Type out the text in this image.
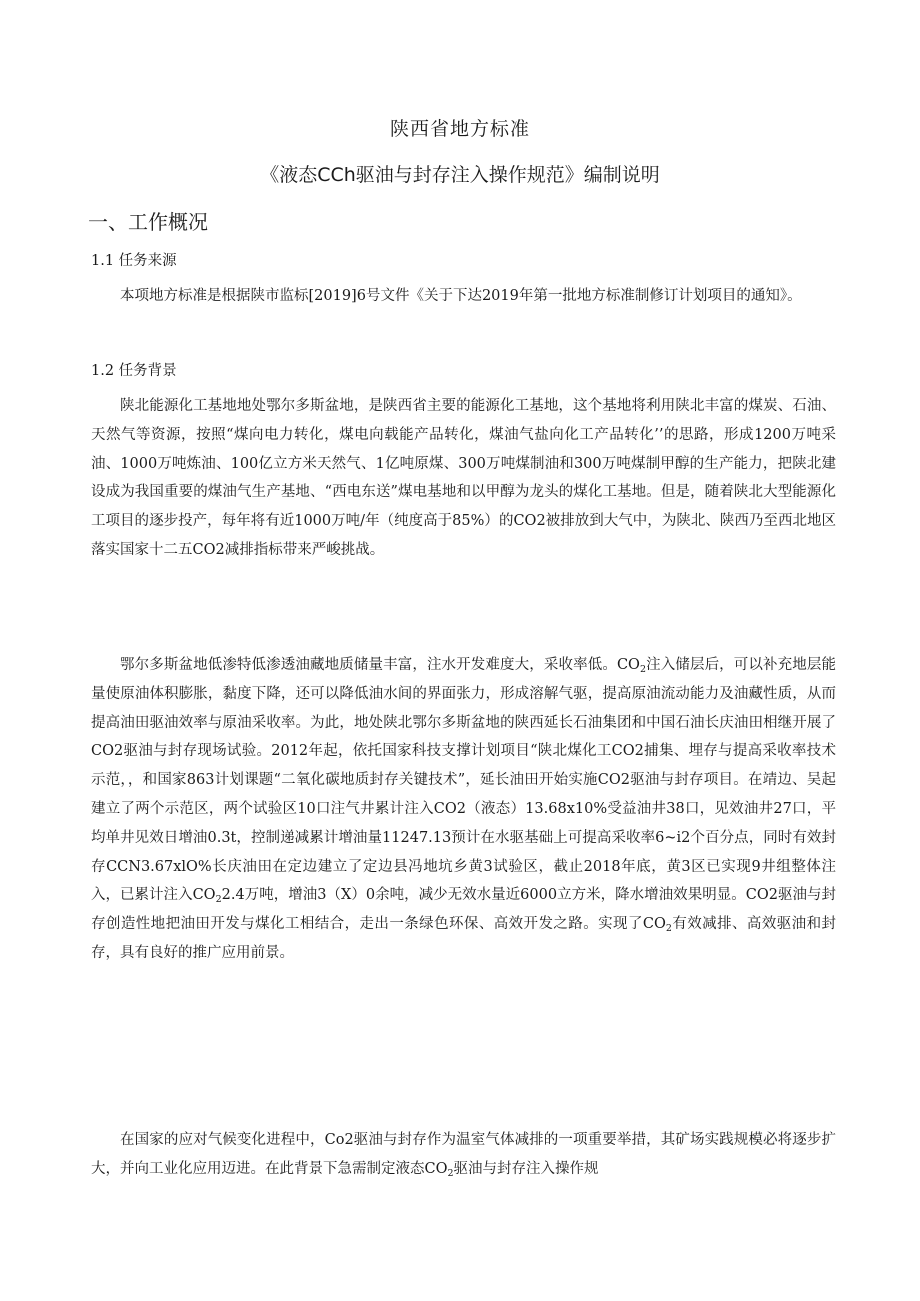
陕西省地方标准
《液态CCh驱油与封存注入操作规范》编制说明
一、工作概况
1.1 任务来源

本项地方标准是根据陕市监标[2019]6号文件《关于下达2019年第一批地方标准制修订计划项目的通知》。

1.2 任务背景

陕北能源化工基地地处鄂尔多斯盆地，是陕西省主要的能源化工基地，这个基地将利用陕北丰富的煤炭、石油、天然气等资源，按照“煤向电力转化，煤电向载能产品转化，煤油气盐向化工产品转化’’的思路，形成1200万吨采油、1000万吨炼油、100亿立方米天然气、1亿吨原煤、300万吨煤制油和300万吨煤制甲醇的生产能力，把陕北建设成为我国重要的煤油气生产基地、“西电东送”煤电基地和以甲醇为龙头的煤化工基地。但是，随着陕北大型能源化工项目的逐步投产，每年将有近1000万吨/年（纯度高于85%）的CO2被排放到大气中，为陕北、陕西乃至西北地区落实国家十二五CO2减排指标带来严峻挑战。

鄂尔多斯盆地低渗特低渗透油藏地质储量丰富，注水开发难度大，采收率低。$CO_2$注入储层后，可以补充地层能量使原油体积膨胀，黏度下降，还可以降低油水间的界面张力，形成溶解气驱，提高原油流动能力及油藏性质，从而提高油田驱油效率与原油采收率。为此，地处陕北鄂尔多斯盆地的陕西延长石油集团和中国石油长庆油田相继开展了CO2驱油与封存现场试验。2012年起，依托国家科技支撑计划项目“陕北煤化工CO2捕集、埋存与提高采收率技术示范，，和国家863计划课题“二氧化碳地质封存关键技术”，延长油田开始实施CO2驱油与封存项目。在靖边、吴起建立了两个示范区，两个试验区10口注气井累计注入CO2（液态）13.68x10%受益油井38口，见效油井27口，平均单井见效日增油0.3t，控制递减累计增油量11247.13预计在水驱基础上可提高采收率6~i2个百分点，同时有效封存CCN3.67xlO%长庆油田在定边建立了定边县冯地坑乡黄3试验区，截止2018年底，黄3区已实现9井组整体注入，已累计注入$CO_22.4$万吨，增油3（X）0余吨，减少无效水量近6000立方米，降水增油效果明显。CO2驱油与封存创造性地把油田开发与煤化工相结合，走出一条绿色环保、高效开发之路。实现了$CO_2$有效减排、高效驱油和封存，具有良好的推广应用前景。

在国家的应对气候变化进程中，Co2驱油与封存作为温室气体减排的一项重要举措，其矿场实践规模必将逐步扩大，并向工业化应用迈进。在此背景下急需制定液态$CO_2$驱油与封存注入操作规
